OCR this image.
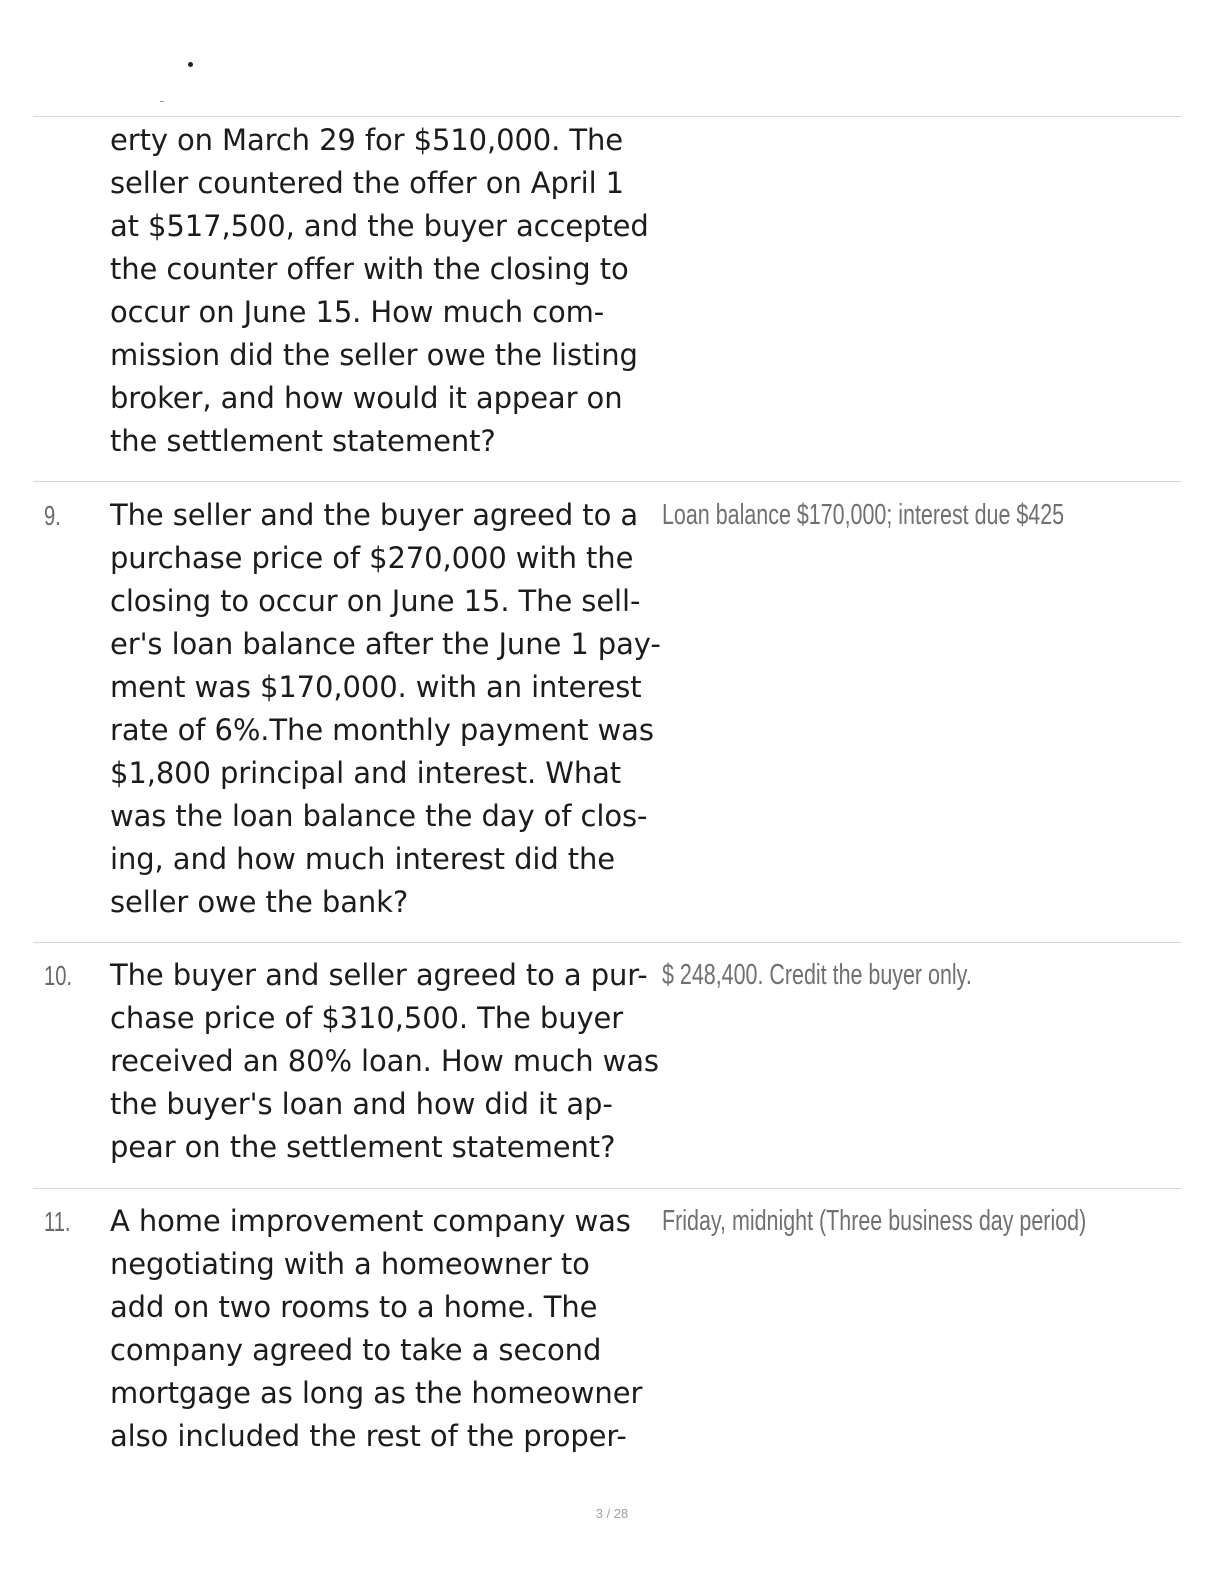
erty on March 29 for $510,000. The
seller countered the offer on April 1
at $517,500, and the buyer accepted
the counter offer with the closing to
occur on June 15. How much com-
mission did the seller owe the listing
broker, and how would it appear on
the settlement statement?
9. The seller and the buyer agreed to a
purchase price of $270,000 with the
closing to occur on June 15. The sell-
er's loan balance after the June 1 pay-
ment was $170,000. with an interest
rate of 6%.The monthly payment was
$1,800 principal and interest. What
was the loan balance the day of clos-
ing, and how much interest did the
seller owe the bank?
Loan balance $170,000; interest due $425
10. The buyer and seller agreed to a pur-
chase price of $310,500. The buyer
received an 80% loan. How much was
the buyer's loan and how did it ap-
pear on the settlement statement?
$ 248,400. Credit the buyer only.
11. A home improvement company was
negotiating with a homeowner to
add on two rooms to a home. The
company agreed to take a second
mortgage as long as the homeowner
also included the rest of the proper-
Friday, midnight (Three business day period)
3 / 28
